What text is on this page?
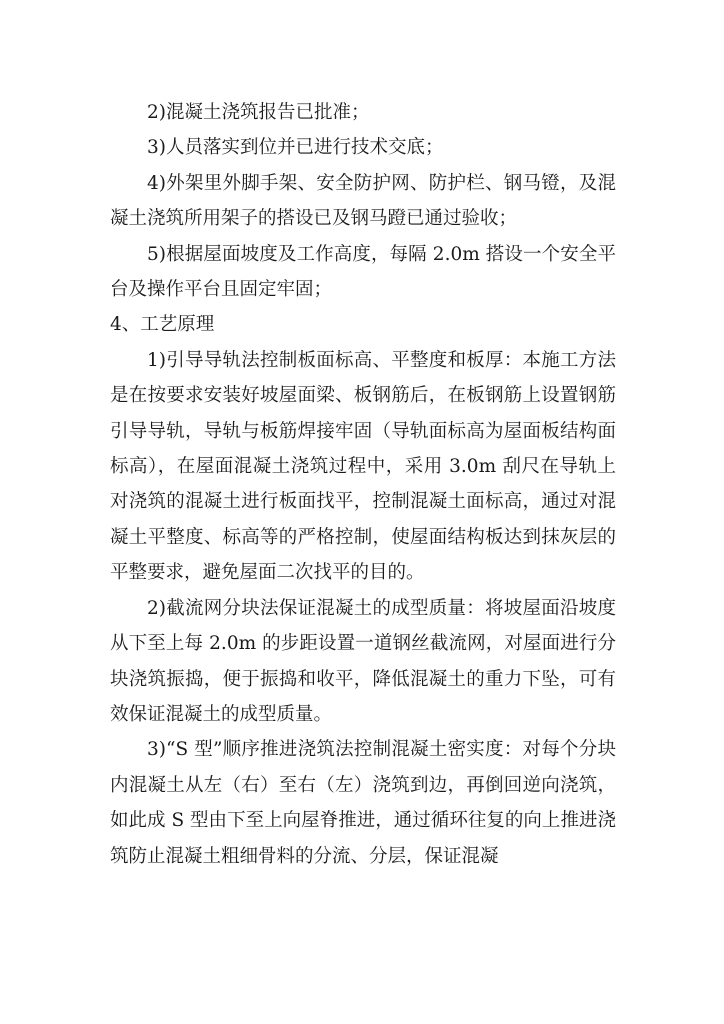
2)混凝土浇筑报告已批准；

3)人员落实到位并已进行技术交底；

4)外架里外脚手架、安全防护网、防护栏、钢马镫，及混凝土浇筑所用架子的搭设已及钢马蹬已通过验收；

5)根据屋面坡度及工作高度，每隔 2.0m 搭设一个安全平台及操作平台且固定牢固；

4、工艺原理

1)引导导轨法控制板面标高、平整度和板厚：本施工方法是在按要求安装好坡屋面梁、板钢筋后，在板钢筋上设置钢筋引导导轨，导轨与板筋焊接牢固（导轨面标高为屋面板结构面标高），在屋面混凝土浇筑过程中，采用 3.0m 刮尺在导轨上对浇筑的混凝土进行板面找平，控制混凝土面标高，通过对混凝土平整度、标高等的严格控制，使屋面结构板达到抹灰层的平整要求，避免屋面二次找平的目的。

2)截流网分块法保证混凝土的成型质量：将坡屋面沿坡度从下至上每 2.0m 的步距设置一道钢丝截流网，对屋面进行分块浇筑振捣，便于振捣和收平，降低混凝土的重力下坠，可有效保证混凝土的成型质量。

3)“S 型”顺序推进浇筑法控制混凝土密实度：对每个分块内混凝土从左（右）至右（左）浇筑到边，再倒回逆向浇筑，如此成 S 型由下至上向屋脊推进，通过循环往复的向上推进浇筑防止混凝土粗细骨料的分流、分层，保证混凝
